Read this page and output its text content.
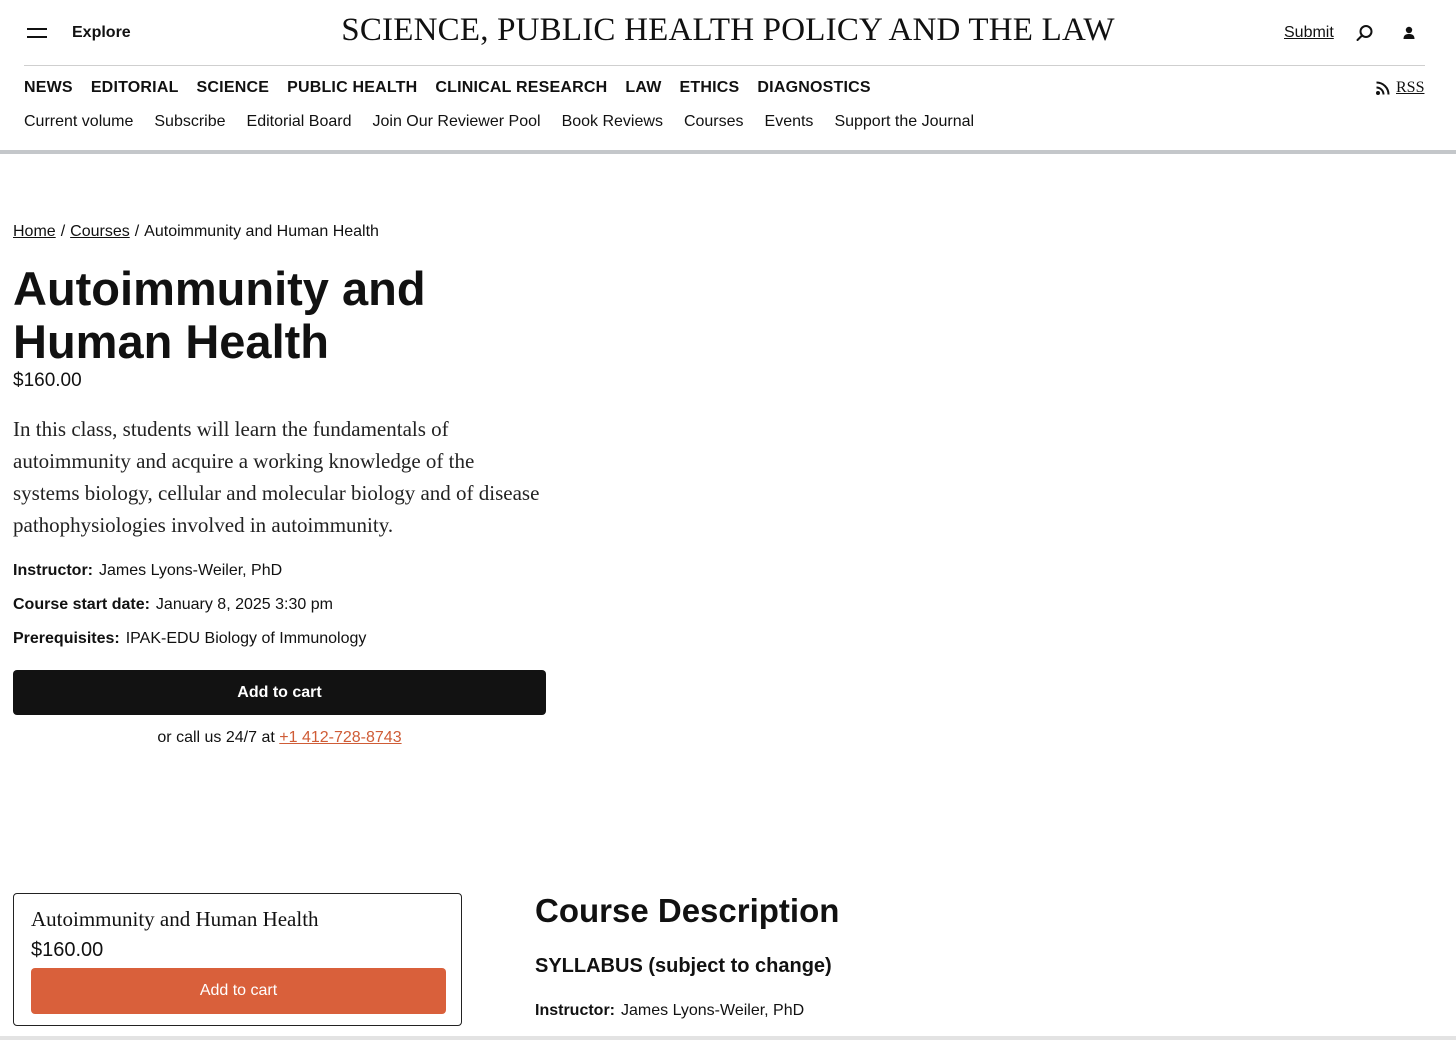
Explore	SCIENCE, PUBLIC HEALTH POLICY AND THE LAW	Submit
NEWS EDITORIAL SCIENCE PUBLIC HEALTH CLINICAL RESEARCH LAW ETHICS DIAGNOSTICS	RSS
Current volume Subscribe Editorial Board Join Our Reviewer Pool Book Reviews Courses Events Support the Journal
Home / Courses / Autoimmunity and Human Health
Autoimmunity and Human Health
$160.00

In this class, students will learn the fundamentals of autoimmunity and acquire a working knowledge of the systems biology, cellular and molecular biology and of disease pathophysiologies involved in autoimmunity.

Instructor: James Lyons-Weiler, PhD
Course start date: January 8, 2025 3:30 pm
Prerequisites: IPAK-EDU Biology of Immunology
Add to cart
or call us 24/7 at +1 412-728-8743
Autoimmunity and Human Health
$160.00
Add to cart
Course Description
SYLLABUS (subject to change)
Instructor: James Lyons-Weiler, PhD
